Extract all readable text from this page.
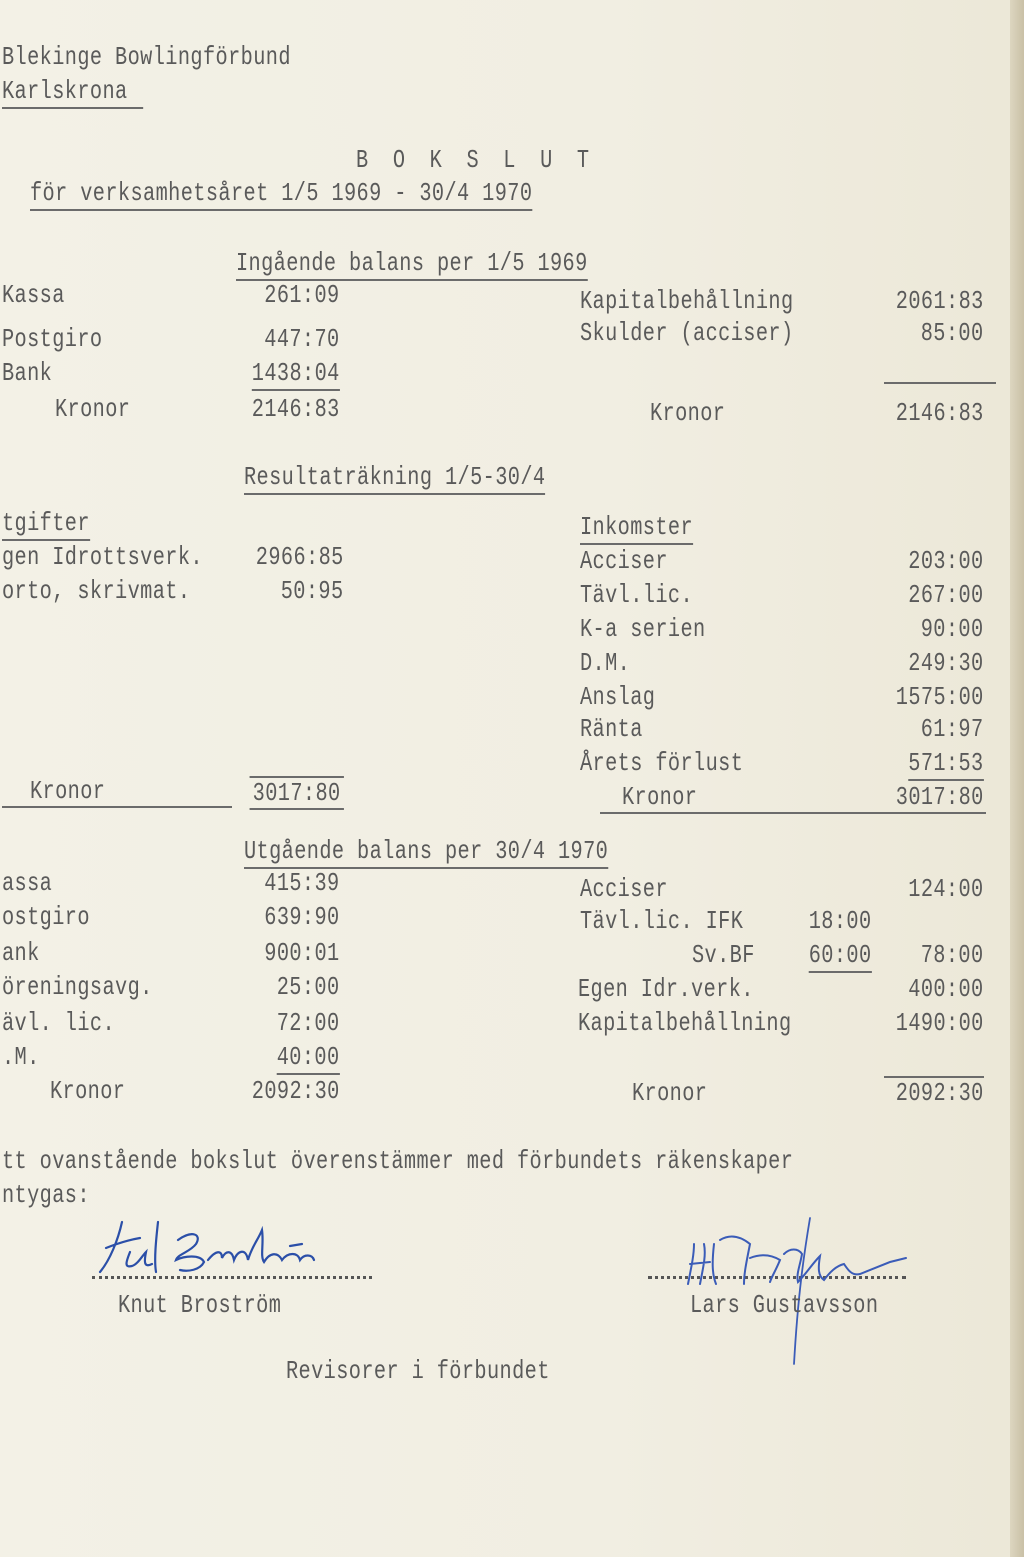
Blekinge Bowlingförbund
Karlskrona
B O K S L U T
för verksamhetsåret 1/5 1969 - 30/4 1970
Ingående balans per 1/5 1969
Kassa	261:09
Postgiro	447:70
Bank	1438:04
Kronor	2146:83
Kapitalbehållning	2061:83
Skulder (acciser)	85:00
Kronor	2146:83
Resultaträkning 1/5-30/4
tgifter
gen Idrottsverk. 2966:85
orto, skrivmat.	50:95
Inkomster
Acciser	203:00
Tävl.lic.	267:00
K-a serien	90:00
D.M.	249:30
Anslag	1575:00
Ränta	61:97
Årets förlust	571:53
Kronor	3017:80	Kronor	3017:80
Utgående balans per 30/4 1970
assa	415:39
ostgiro	639:90
ank	900:01
öreningsavg.	25:00
ävl. lic.	72:00
.M.	40:00
Kronor	2092:30
Acciser	124:00
Tävl.lic. IFK	18:00
Sv.BF 60:00 78:00
Egen Idr.verk.	400:00
Kapitalbehållning	1490:00
Kronor	2092:30
tt ovanstående bokslut överenstämmer med förbundets räkenskaper
ntygas:
Knut Broström	Lars Gustavsson
Revisorer i förbundet
